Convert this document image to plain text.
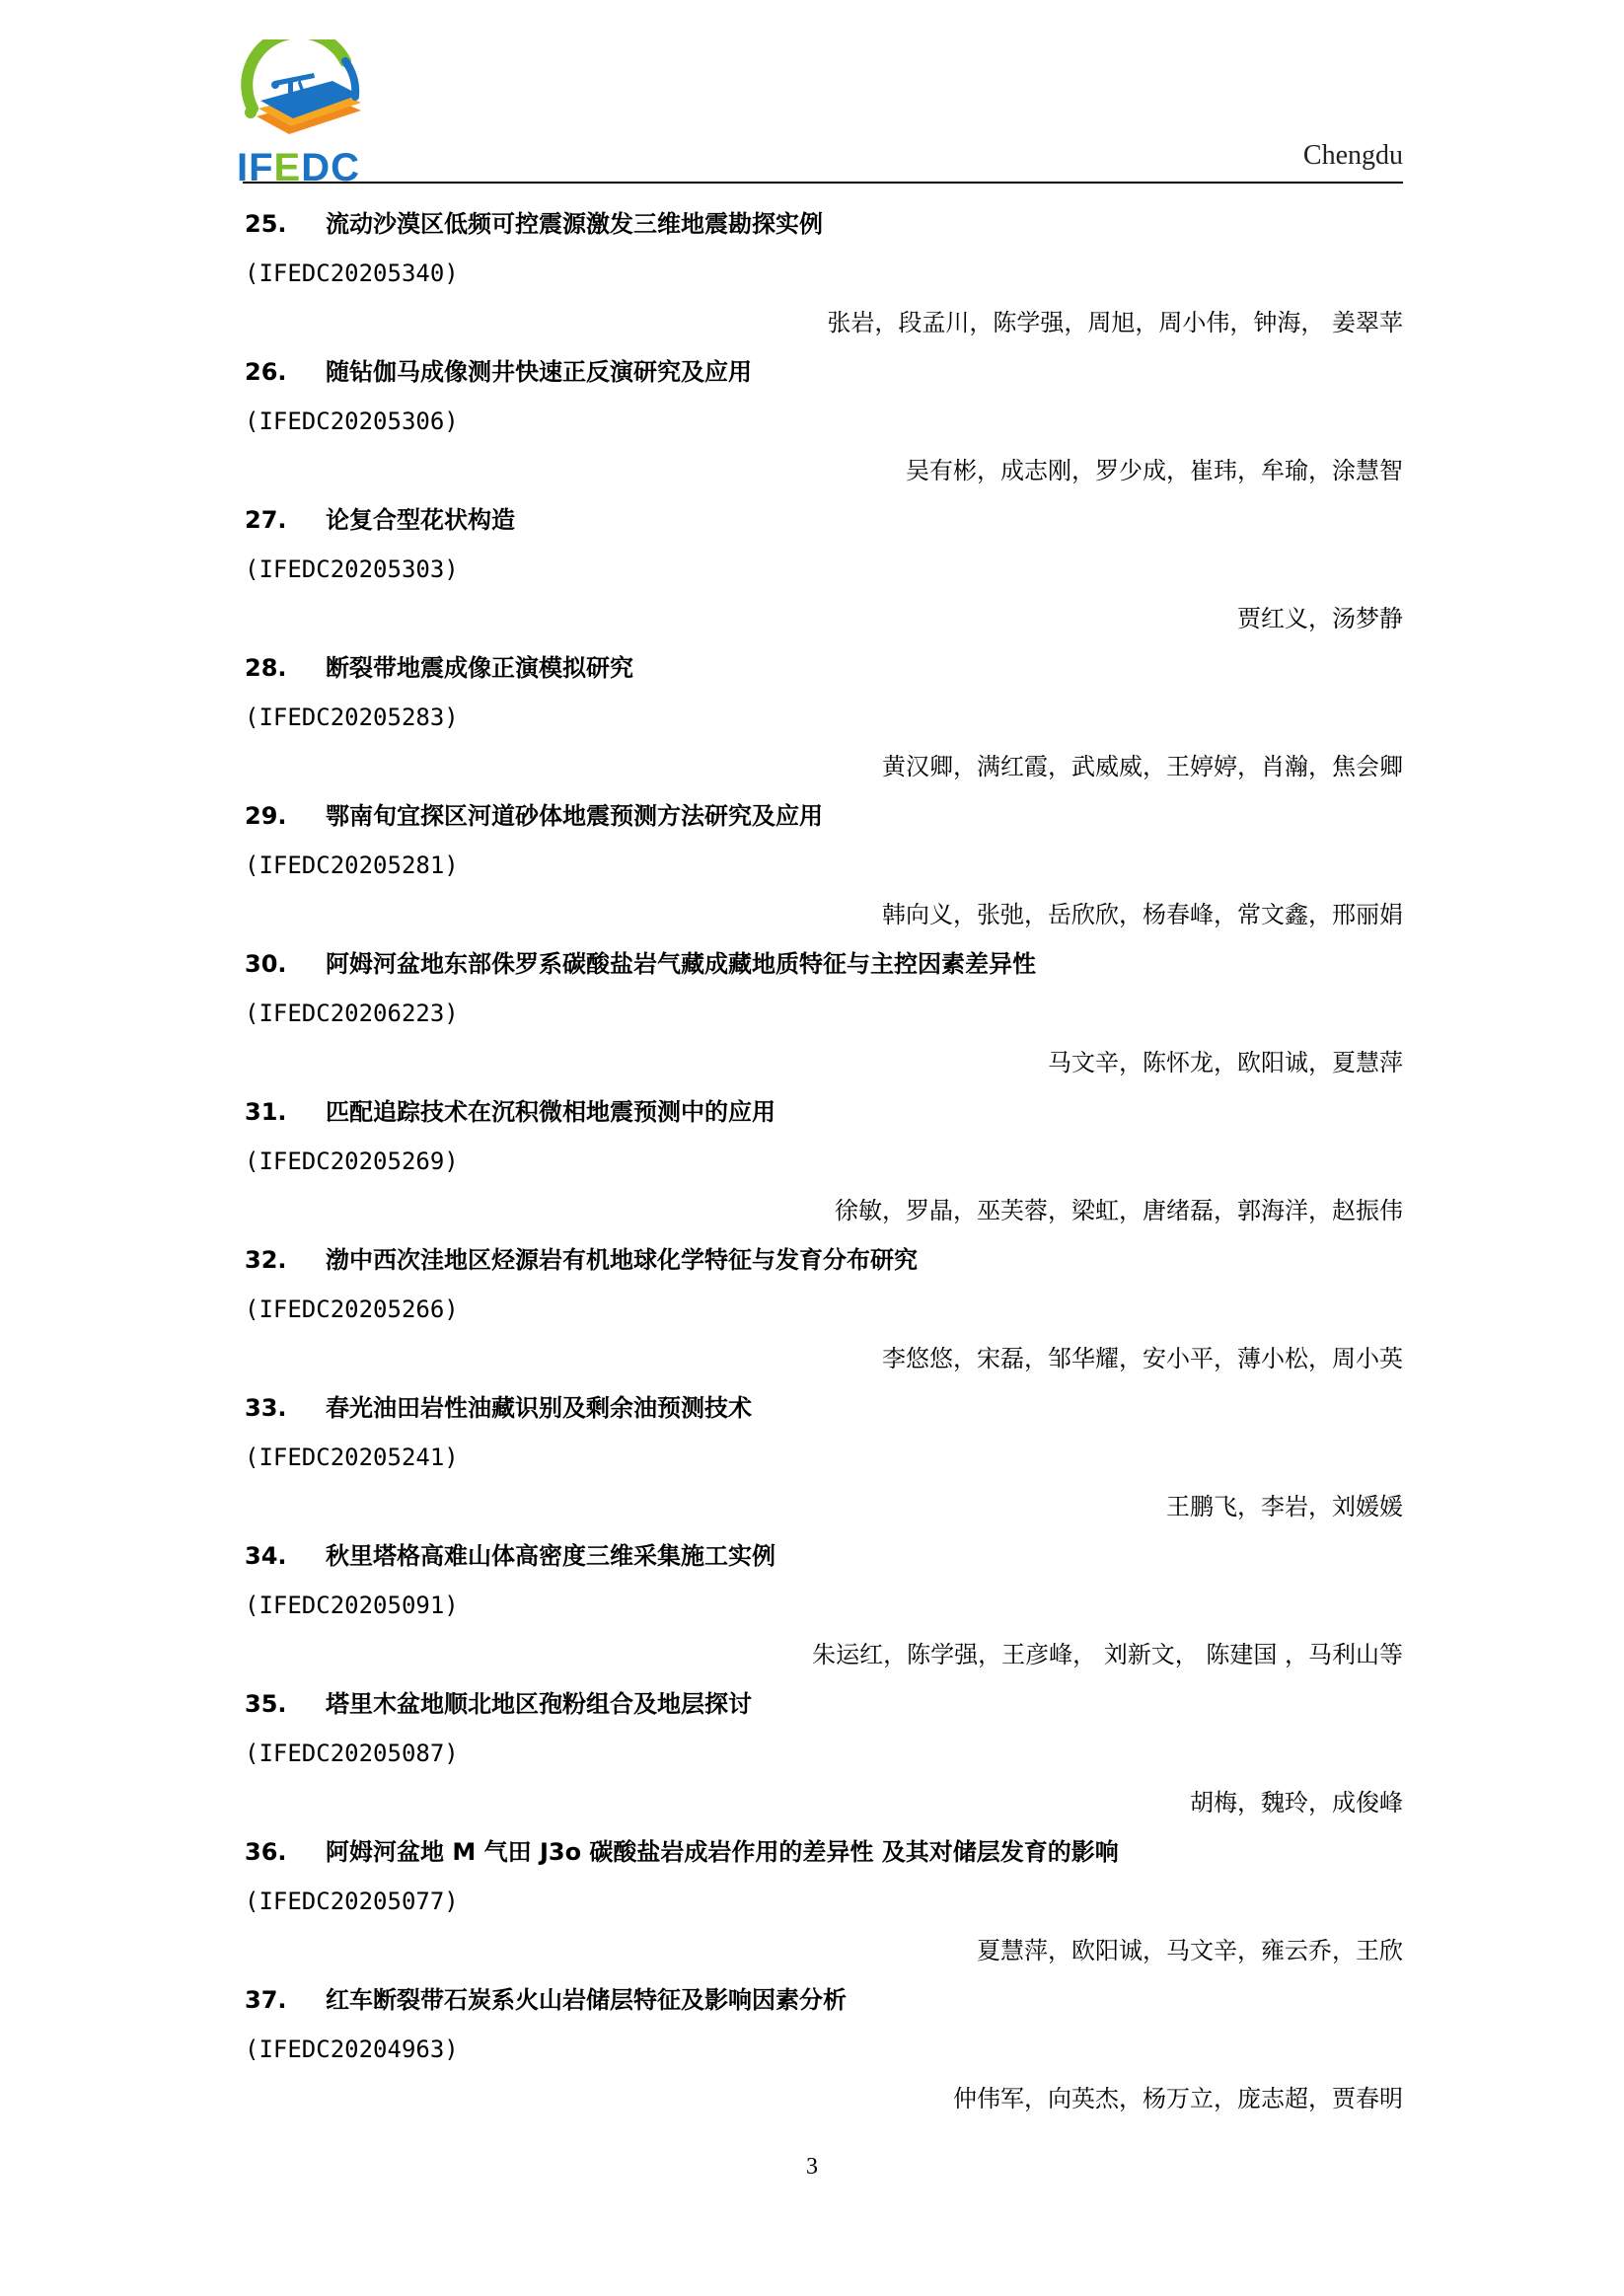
IFEDC	Chengdu
25. 流动沙漠区低频可控震源激发三维地震勘探实例
(IFEDC20205340)
张岩，段孟川，陈学强，周旭，周小伟，钟海， 姜翠苹
26. 随钻伽马成像测井快速正反演研究及应用
(IFEDC20205306)
吴有彬，成志刚，罗少成，崔玮，牟瑜，涂慧智
27. 论复合型花状构造
(IFEDC20205303)
贾红义，汤梦静
28. 断裂带地震成像正演模拟研究
(IFEDC20205283)
黄汉卿，满红霞，武威威，王婷婷，肖瀚，焦会卿
29. 鄂南旬宜探区河道砂体地震预测方法研究及应用
(IFEDC20205281)
韩向义，张弛，岳欣欣，杨春峰，常文鑫，邢丽娟
30. 阿姆河盆地东部侏罗系碳酸盐岩气藏成藏地质特征与主控因素差异性
(IFEDC20206223)
马文辛，陈怀龙，欧阳诚，夏慧萍
31. 匹配追踪技术在沉积微相地震预测中的应用
(IFEDC20205269)
徐敏，罗晶，巫芙蓉，梁虹，唐绪磊，郭海洋，赵振伟
32. 渤中西次洼地区烃源岩有机地球化学特征与发育分布研究
(IFEDC20205266)
李悠悠，宋磊，邹华耀，安小平，薄小松，周小英
33. 春光油田岩性油藏识别及剩余油预测技术
(IFEDC20205241)
王鹏飞，李岩，刘媛媛
34. 秋里塔格高难山体高密度三维采集施工实例
(IFEDC20205091)
朱运红，陈学强，王彦峰， 刘新文， 陈建国 ，马利山等
35. 塔里木盆地顺北地区孢粉组合及地层探讨
(IFEDC20205087)
胡梅，魏玲，成俊峰
36. 阿姆河盆地 M 气田 J3o 碳酸盐岩成岩作用的差异性 及其对储层发育的影响
(IFEDC20205077)
夏慧萍，欧阳诚，马文辛，雍云乔，王欣
37. 红车断裂带石炭系火山岩储层特征及影响因素分析
(IFEDC20204963)
仲伟军，向英杰，杨万立，庞志超，贾春明
3
